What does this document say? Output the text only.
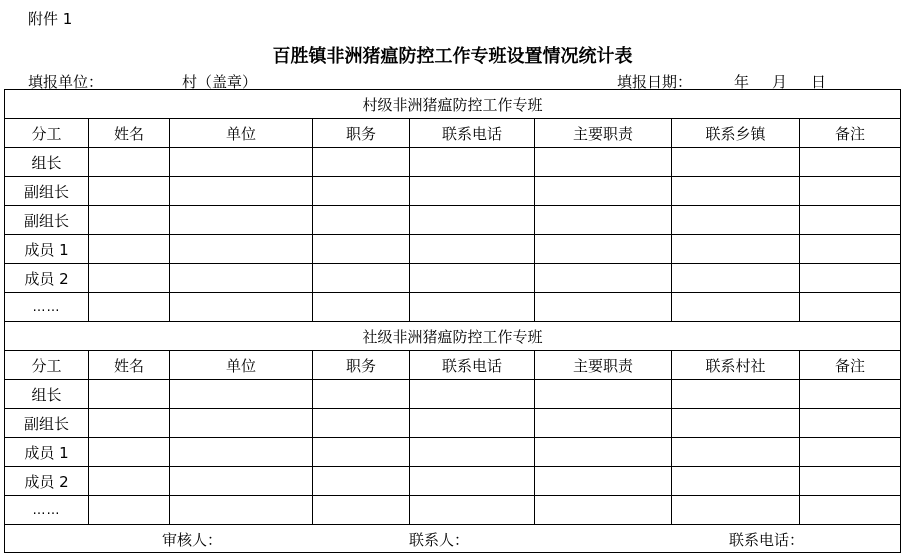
附件 1
百胜镇非洲猪瘟防控工作专班设置情况统计表
填报单位：	村（盖章）	填报日期：	年 月 日
村级非洲猪瘟防控工作专班							
分工	姓名	单位	职务	联系电话	主要职责	联系乡镇	备注
组长							
副组长							
副组长							
成员 1							
成员 2							
……							
社级非洲猪瘟防控工作专班							
分工	姓名	单位	职务	联系电话	主要职责	联系村社	备注
组长							
副组长							
成员 1							
成员 2							
……							

审核人： 联系人： 联系电话：							
